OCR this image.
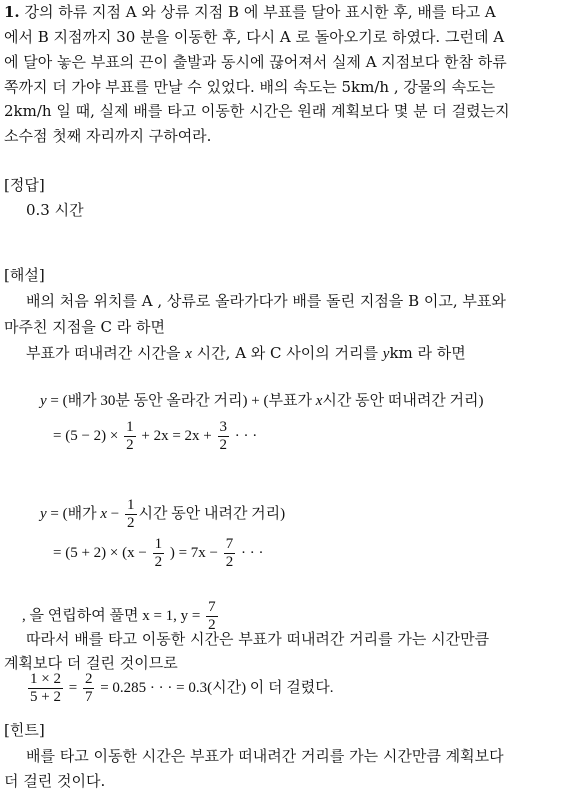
1. 강의 하류 지점 A 와 상류 지점 B 에 부표를 달아 표시한 후, 배를 타고 A
에서 B 지점까지 30 분을 이동한 후, 다시 A 로 돌아오기로 하였다. 그런데 A
에 달아 놓은 부표의 끈이 출발과 동시에 끊어져서 실제 A 지점보다 한참 하류
쪽까지 더 가야 부표를 만날 수 있었다. 배의 속도는 5km/h , 강물의 속도는
2km/h 일 때, 실제 배를 타고 이동한 시간은 원래 계획보다 몇 분 더 걸렸는지
소수점 첫째 자리까지 구하여라.
[정답]
0.3 시간
[해설]
배의 처음 위치를 A , 상류로 올라가다가 배를 돌린 지점을 B 이고, 부표와
마주친 지점을 C 라 하면
부표가 떠내려간 시간을 x 시간, A 와 C 사이의 거리를 ykm 라 하면
y = (배가 30분 동안 올라간 거리) + (부표가 x시간 동안 떠내려간 거리)
= $(5 - 2) \times \frac{1}{2} + 2x = 2x + \frac{3}{2}$ · · ·
y = (배가 $x - \frac{1}{2}$ 시간 동안 내려간 거리)
= $(5 + 2) \times (x - \frac{1}{2}$ ) = $7x - \frac{7}{2}$ · · ·
, 을 연립하여 풀면 x = 1, $y = \frac{7}{2}$
따라서 배를 타고 이동한 시간은 부표가 떠내려간 거리를 가는 시간만큼
계획보다 더 걸린 것이므로
$\frac{1 \times 2}{5 + 2} = \frac{2}{7} = 0.285$ · · · = 0.3(시간) 이 더 걸렸다.
[힌트]
배를 타고 이동한 시간은 부표가 떠내려간 거리를 가는 시간만큼 계획보다
더 걸린 것이다.
